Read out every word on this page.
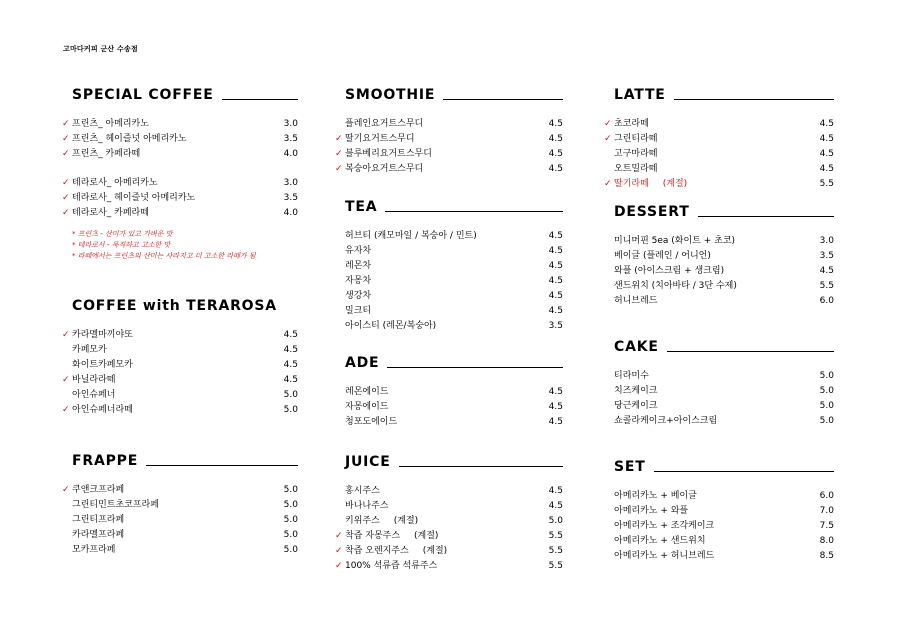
고마다커피 군산 수송점
SPECIAL COFFEE
✓ 프린츠_ 아메리카노	3.0
✓ 프린츠_ 헤이즐넛 아메리카노	3.5
✓ 프린츠_ 카페라떼	4.0
✓ 테라로사_ 아메리카노	3.0
✓ 테라로사_ 헤이즐넛 아메리카노	3.5
✓ 테라로사_ 카페라떼	4.0
* 프린츠 - 산미가 있고 가벼운 맛
* 테라로사 - 묵직하고 고소한 맛
* 라떼에서는 프린츠의 산미는 사라지고 더 고소한 라떼가 됨
COFFEE with TERAROSA
✓ 카라멜마끼야또	4.5
카페모카	4.5
화이트카페모카	4.5
✓ 바닐라라떼	4.5
아인슈페너	5.0
✓ 아인슈페너라떼	5.0
FRAPPE
✓ 쿠앤크프라페	5.0
그린티민트초코프라페	5.0
그린티프라페	5.0
카라멜프라페	5.0
모카프라페	5.0
SMOOTHIE
플레인요거트스무디	4.5
✓ 딸기요거트스무디	4.5
✓ 블루베리요거트스무디	4.5
✓ 복숭아요거트스무디	4.5
TEA
허브티 (캐모마일 / 복숭아 / 민트)	4.5
유자차	4.5
레몬차	4.5
자몽차	4.5
생강차	4.5
밀크티	4.5
아이스티 (레몬/복숭아)	3.5
ADE
레몬에이드	4.5
자몽에이드	4.5
청포도에이드	4.5
JUICE
홍시주스	4.5
바나나주스	4.5
키위주스 (계절)	5.0
✓ 착즙 자몽주스 (계절)	5.5
✓ 착즙 오렌지주스 (계절)	5.5
✓ 100% 석류즙 석류주스	5.5
LATTE
✓ 초코라떼	4.5
✓ 그린티라떼	4.5
고구마라떼	4.5
오트밀라떼	4.5
✓ 딸기라떼 (계절)	5.5
DESSERT
미니머핀 5ea (화이트 + 초코)	3.0
베이글 (플레인 / 어니언)	3.5
와플 (아이스크림 + 생크림)	4.5
샌드위치 (치아바타 / 3단 수제)	5.5
허니브레드	6.0
CAKE
티라미수	5.0
치즈케이크	5.0
당근케이크	5.0
쇼콜라케이크+아이스크림	5.0
SET
아메리카노 + 베이글	6.0
아메리카노 + 와플	7.0
아메리카노 + 조각케이크	7.5
아메리카노 + 샌드위치	8.0
아메리카노 + 허니브레드	8.5
